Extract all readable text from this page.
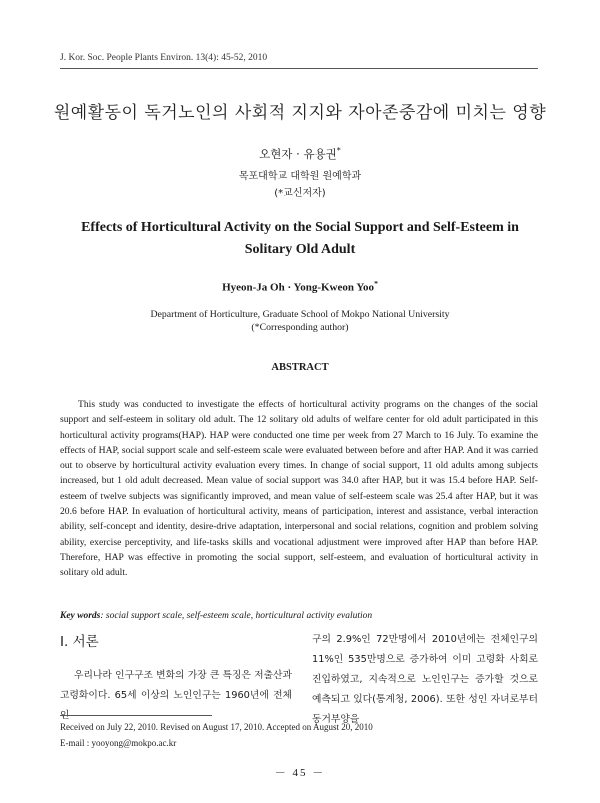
J. Kor. Soc. People Plants Environ. 13(4): 45-52, 2010
원예활동이 독거노인의 사회적 지지와 자아존중감에 미치는 영향
오현자 · 유용권*
목포대학교 대학원 원예학과
(*교신저자)
Effects of Horticultural Activity on the Social Support and Self-Esteem in
Solitary Old Adult
Hyeon-Ja Oh · Yong-Kweon Yoo*
Department of Horticulture, Graduate School of Mokpo National University
(*Corresponding author)
ABSTRACT

This study was conducted to investigate the effects of horticultural activity programs on the changes of the social support and self-esteem in solitary old adult. The 12 solitary old adults of welfare center for old adult participated in this horticultural activity programs(HAP). HAP were conducted one time per week from 27 March to 16 July. To examine the effects of HAP, social support scale and self-esteem scale were evaluated between before and after HAP. And it was carried out to observe by horticultural activity evaluation every times. In change of social support, 11 old adults among subjects increased, but 1 old adult decreased. Mean value of social support was 34.0 after HAP, but it was 15.4 before HAP. Self-esteem of twelve subjects was significantly improved, and mean value of self-esteem scale was 25.4 after HAP, but it was 20.6 before HAP. In evaluation of horticultural activity, means of participation, interest and assistance, verbal interaction ability, self-concept and identity, desire-drive adaptation, interpersonal and social relations, cognition and problem solving ability, exercise perceptivity, and life-tasks skills and vocational adjustment were improved after HAP than before HAP. Therefore, HAP was effective in promoting the social support, self-esteem, and evaluation of horticultural activity in solitary old adult.

Key words: social support scale, self-esteem scale, horticultural activity evalution
Ⅰ. 서론

우리나라 인구구조 변화의 가장 큰 특징은 저출산과 고령화이다. 65세 이상의 노인인구는 1960년에 전체

구의 2.9%인 72만명에서 2010년에는 전체인구의 11%인 535만명으로 증가하여 이미 고령화 사회로 진입하였고, 지속적으로 노인인구는 증가할 것으로 예측되고 있다(통계청, 2006). 또한 성인 자녀로부터 동거부양을

Received on July 22, 2010. Revised on August 17, 2010. Accepted on August 20, 2010
E-mail : yooyong@mokpo.ac.kr
－ 45 －
